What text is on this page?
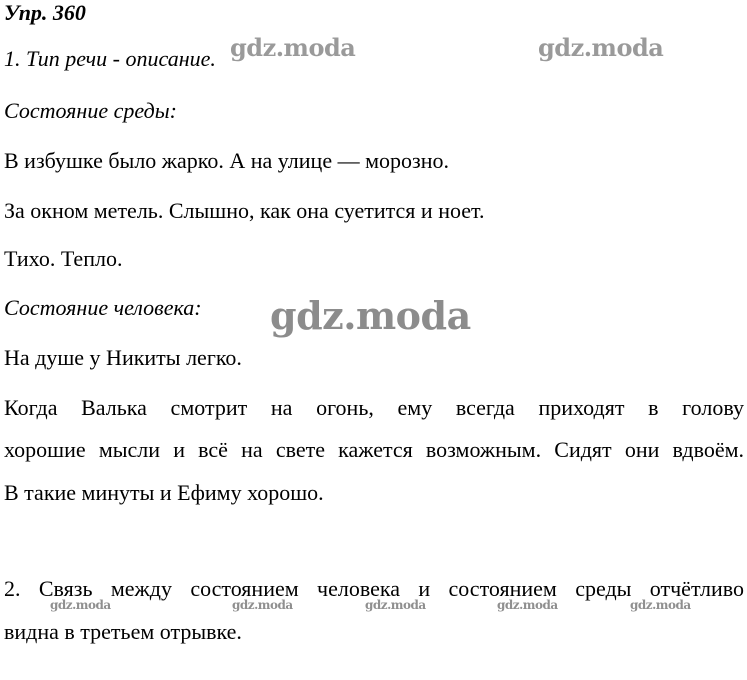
Упр. 360
1. Тип речи - описание.
Состояние среды:
В избушке было жарко. А на улице — морозно.
За окном метель. Слышно, как она суетится и ноет.
Тихо. Тепло.
Состояние человека:
На душе у Никиты легко.
Когда Валька смотрит на огонь, ему всегда приходят в голову
хорошие мысли и всё на свете кажется возможным. Сидят они вдвоём.
В такие минуты и Ефиму хорошо.
2. Связь между состоянием человека и состоянием среды отчётливо
видна в третьем отрывке.
gdz.moda	gdz.moda
gdz.moda
gdz.moda	gdz.moda	gdz.moda	gdz.moda	gdz.moda
